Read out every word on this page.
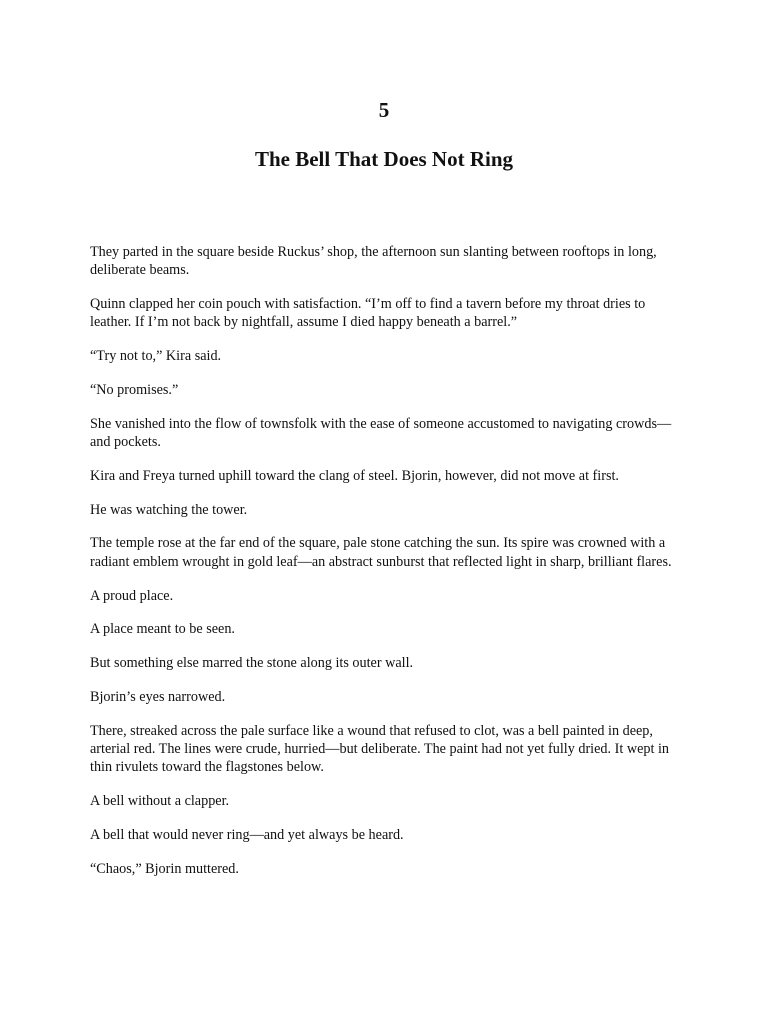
5
The Bell That Does Not Ring

They parted in the square beside Ruckus’ shop, the afternoon sun slanting between rooftops in long, deliberate beams.

Quinn clapped her coin pouch with satisfaction. “I’m off to find a tavern before my throat dries to leather. If I’m not back by nightfall, assume I died happy beneath a barrel.”

“Try not to,” Kira said.

“No promises.”

She vanished into the flow of townsfolk with the ease of someone accustomed to navigating crowds—and pockets.

Kira and Freya turned uphill toward the clang of steel. Bjorin, however, did not move at first.

He was watching the tower.

The temple rose at the far end of the square, pale stone catching the sun. Its spire was crowned with a radiant emblem wrought in gold leaf—an abstract sunburst that reflected light in sharp, brilliant flares.

A proud place.

A place meant to be seen.

But something else marred the stone along its outer wall.

Bjorin’s eyes narrowed.

There, streaked across the pale surface like a wound that refused to clot, was a bell painted in deep, arterial red. The lines were crude, hurried—but deliberate. The paint had not yet fully dried. It wept in thin rivulets toward the flagstones below.

A bell without a clapper.

A bell that would never ring—and yet always be heard.

“Chaos,” Bjorin muttered.
